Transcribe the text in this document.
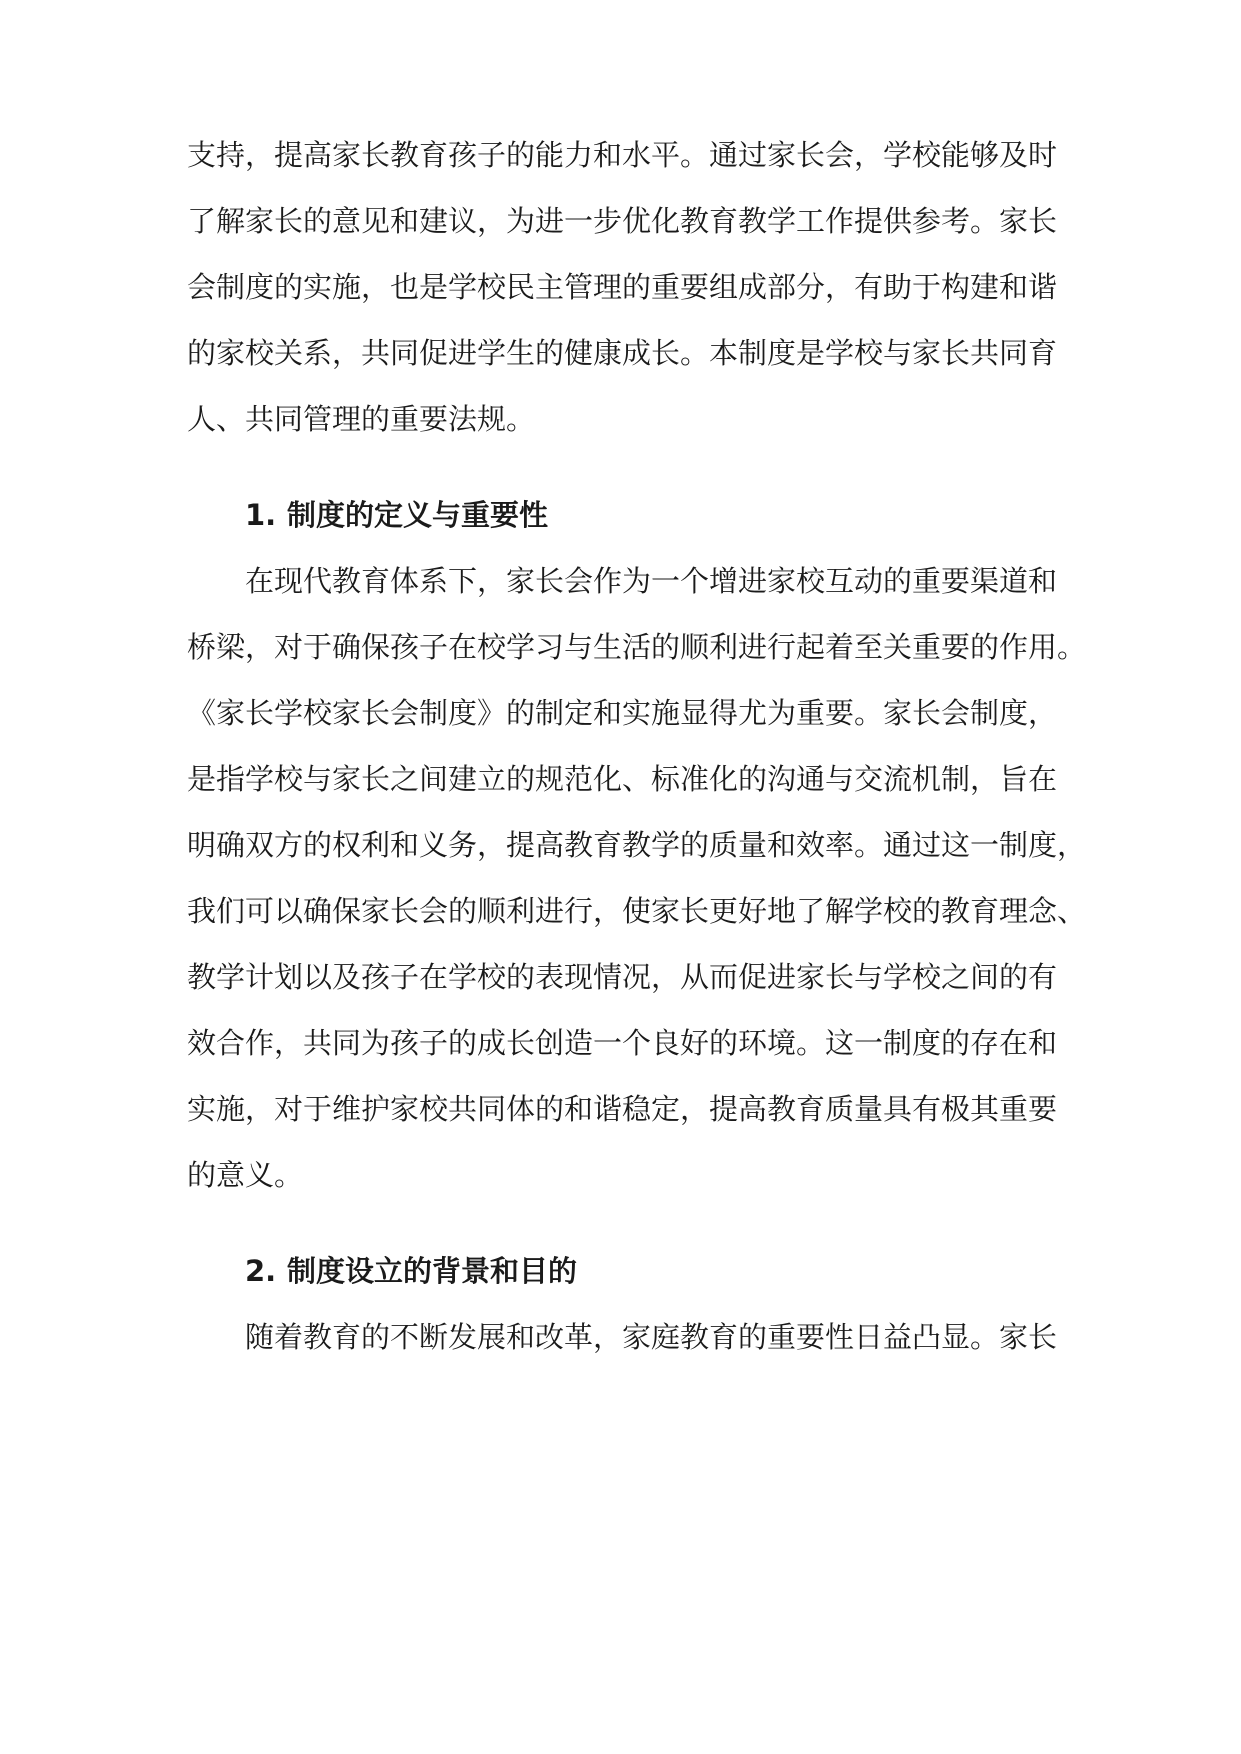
支持，提高家长教育孩子的能力和水平。通过家长会，学校能够及时

了解家长的意见和建议，为进一步优化教育教学工作提供参考。家长

会制度的实施，也是学校民主管理的重要组成部分，有助于构建和谐

的家校关系，共同促进学生的健康成长。本制度是学校与家长共同育

人、共同管理的重要法规。

1. 制度的定义与重要性

在现代教育体系下，家长会作为一个增进家校互动的重要渠道和

桥梁，对于确保孩子在校学习与生活的顺利进行起着至关重要的作用。

《家长学校家长会制度》的制定和实施显得尤为重要。家长会制度，

是指学校与家长之间建立的规范化、标准化的沟通与交流机制，旨在

明确双方的权利和义务，提高教育教学的质量和效率。通过这一制度，

我们可以确保家长会的顺利进行，使家长更好地了解学校的教育理念、

教学计划以及孩子在学校的表现情况，从而促进家长与学校之间的有

效合作，共同为孩子的成长创造一个良好的环境。这一制度的存在和

实施，对于维护家校共同体的和谐稳定，提高教育质量具有极其重要

的意义。

2. 制度设立的背景和目的

随着教育的不断发展和改革，家庭教育的重要性日益凸显。家长
